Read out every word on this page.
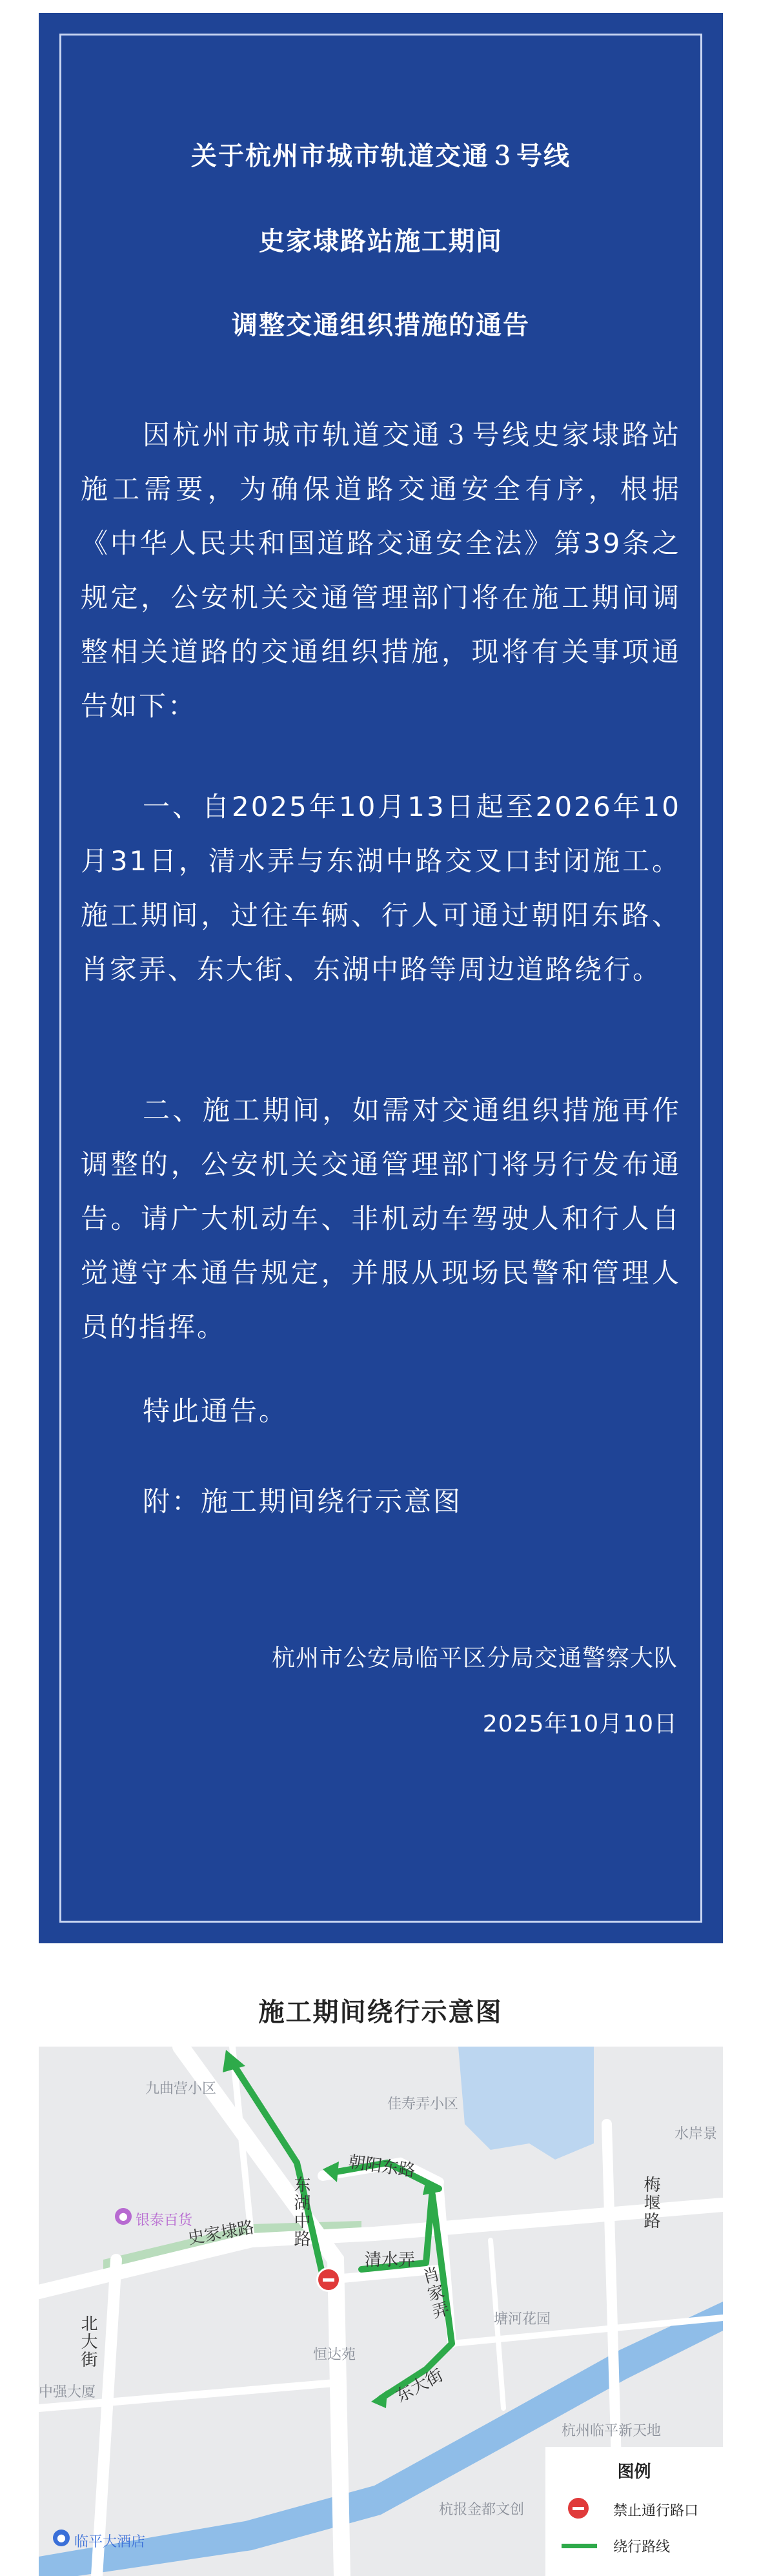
关于杭州市城市轨道交通３号线
史家埭路站施工期间
调整交通组织措施的通告

因杭州市城市轨道交通３号线史家埭路站施工需要，为确保道路交通安全有序，根据《中华人民共和国道路交通安全法》第39条之规定，公安机关交通管理部门将在施工期间调整相关道路的交通组织措施，现将有关事项通告如下：

一、自2025年10月13日起至2026年10月31日，清水弄与东湖中路交叉口封闭施工。施工期间，过往车辆、行人可通过朝阳东路、肖家弄、东大街、东湖中路等周边道路绕行。

二、施工期间，如需对交通组织措施再作调整的，公安机关交通管理部门将另行发布通告。请广大机动车、非机动车驾驶人和行人自觉遵守本通告规定，并服从现场民警和管理人员的指挥。

特此通告。

附：施工期间绕行示意图

杭州市公安局临平区分局交通警察大队
2025年10月10日
施工期间绕行示意图
●
●
九曲营小区
佳寿弄小区
水岸景
银泰百货
恒达苑
塘河花园
中强大厦
临平大酒店
杭州临平新天地
杭报金都文创
史家埭路
北大街
东湖中路
朝阳东路
清水弄
肖家弄
东大街
梅堰路
图例
禁止通行路口
绕行路线
